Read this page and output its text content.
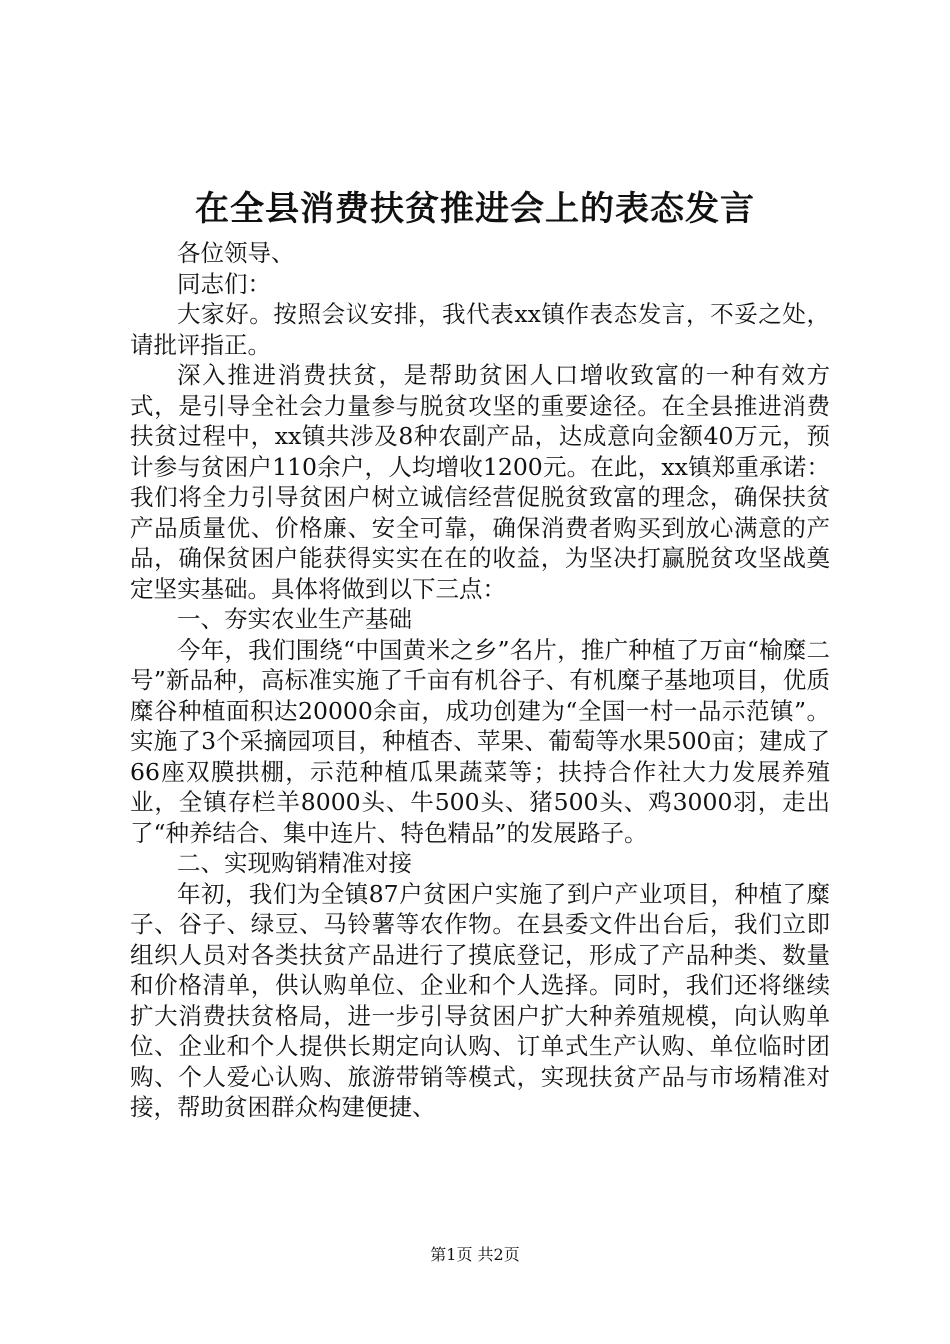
在全县消费扶贫推进会上的表态发言

各位领导、

同志们：

大家好。按照会议安排，我代表xx镇作表态发言，不妥之处，请批评指正。

深入推进消费扶贫，是帮助贫困人口增收致富的一种有效方式，是引导全社会力量参与脱贫攻坚的重要途径。在全县推进消费扶贫过程中，xx镇共涉及8种农副产品，达成意向金额40万元，预计参与贫困户110余户，人均增收1200元。在此，xx镇郑重承诺：我们将全力引导贫困户树立诚信经营促脱贫致富的理念，确保扶贫产品质量优、价格廉、安全可靠，确保消费者购买到放心满意的产品，确保贫困户能获得实实在在的收益，为坚决打赢脱贫攻坚战奠定坚实基础。具体将做到以下三点：

一、夯实农业生产基础

今年，我们围绕“中国黄米之乡”名片，推广种植了万亩“榆糜二号”新品种，高标准实施了千亩有机谷子、有机糜子基地项目，优质糜谷种植面积达20000余亩，成功创建为“全国一村一品示范镇”。实施了3个采摘园项目，种植杏、苹果、葡萄等水果500亩；建成了66座双膜拱棚，示范种植瓜果蔬菜等；扶持合作社大力发展养殖业，全镇存栏羊8000头、牛500头、猪500头、鸡3000羽，走出了“种养结合、集中连片、特色精品”的发展路子。

二、实现购销精准对接

年初，我们为全镇87户贫困户实施了到户产业项目，种植了糜子、谷子、绿豆、马铃薯等农作物。在县委文件出台后，我们立即组织人员对各类扶贫产品进行了摸底登记，形成了产品种类、数量和价格清单，供认购单位、企业和个人选择。同时，我们还将继续扩大消费扶贫格局，进一步引导贫困户扩大种养殖规模，向认购单位、企业和个人提供长期定向认购、订单式生产认购、单位临时团购、个人爱心认购、旅游带销等模式，实现扶贫产品与市场精准对接，帮助贫困群众构建便捷、

第1页 共2页
